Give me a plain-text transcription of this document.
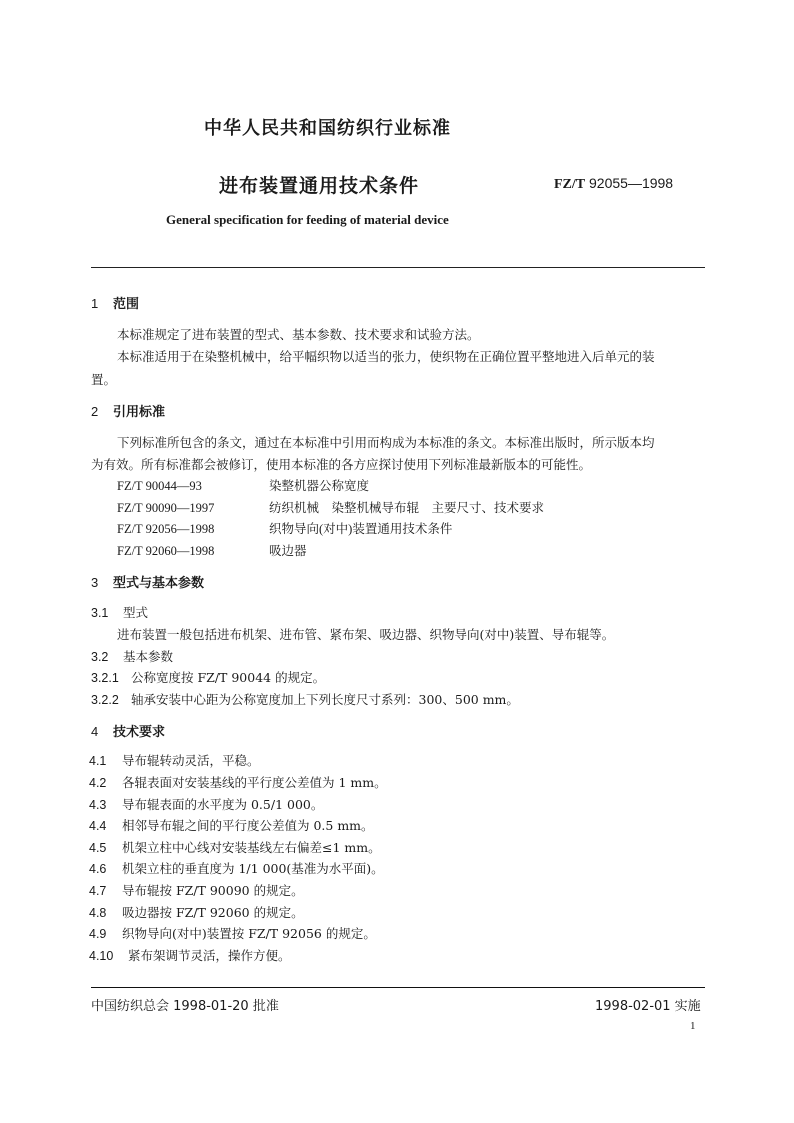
中华人民共和国纺织行业标准
进布装置通用技术条件	FZ/T 92055—1998
General specification for feeding of material device
1 范围
本标准规定了进布装置的型式、基本参数、技术要求和试验方法。
本标准适用于在染整机械中，给平幅织物以适当的张力，使织物在正确位置平整地进入后单元的装
置。
2 引用标准
下列标准所包含的条文，通过在本标准中引用而构成为本标准的条文。本标准出版时，所示版本均
为有效。所有标准都会被修订，使用本标准的各方应探讨使用下列标准最新版本的可能性。
FZ/T 90044—93	染整机器公称宽度
FZ/T 90090—1997	纺织机械　染整机械导布辊　主要尺寸、技术要求
FZ/T 92056—1998	织物导向(对中)装置通用技术条件
FZ/T 92060—1998	吸边器
3 型式与基本参数
3.1 型式
进布装置一般包括进布机架、进布管、紧布架、吸边器、织物导向(对中)装置、导布辊等。
3.2 基本参数
3.2.1 公称宽度按 FZ/T 90044 的规定。
3.2.2 轴承安装中心距为公称宽度加上下列长度尺寸系列：300、500 mm。
4 技术要求
4.1 导布辊转动灵活，平稳。
4.2 各辊表面对安装基线的平行度公差值为 1 mm。
4.3 导布辊表面的水平度为 0.5/1 000。
4.4 相邻导布辊之间的平行度公差值为 0.5 mm。
4.5 机架立柱中心线对安装基线左右偏差≤1 mm。
4.6 机架立柱的垂直度为 1/1 000(基准为水平面)。
4.7 导布辊按 FZ/T 90090 的规定。
4.8 吸边器按 FZ/T 92060 的规定。
4.9 织物导向(对中)装置按 FZ/T 92056 的规定。
4.10 紧布架调节灵活，操作方便。
中国纺织总会 1998-01-20 批准	1998-02-01 实施
1
